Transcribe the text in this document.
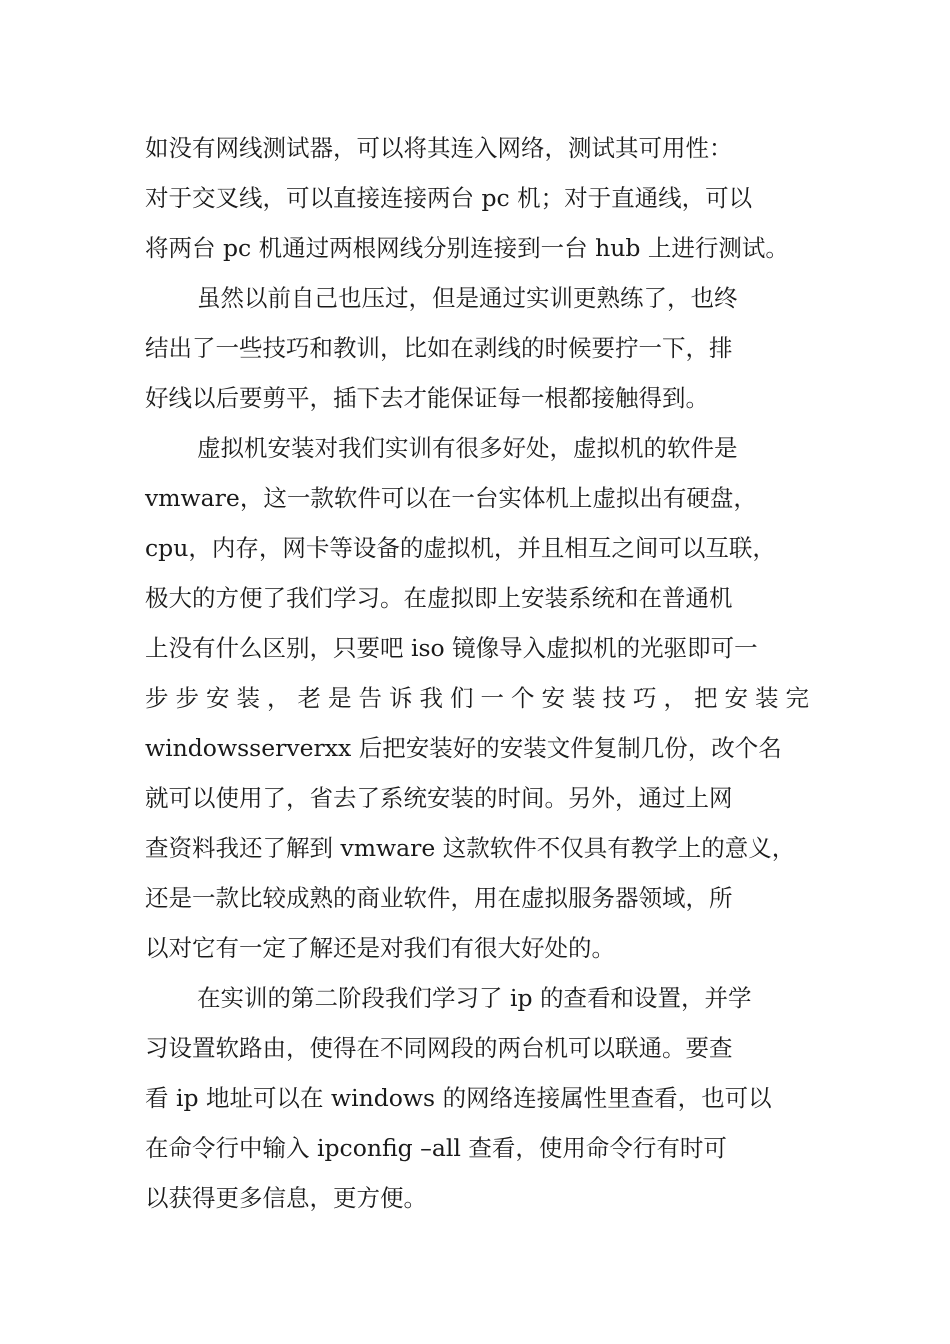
如没有网线测试器，可以将其连入网络，测试其可用性：
对于交叉线，可以直接连接两台 pc 机；对于直通线，可以
将两台 pc 机通过两根网线分别连接到一台 hub 上进行测试。
虽然以前自己也压过，但是通过实训更熟练了，也终
结出了一些技巧和教训，比如在剥线的时候要拧一下，排
好线以后要剪平，插下去才能保证每一根都接触得到。
虚拟机安装对我们实训有很多好处，虚拟机的软件是
vmware，这一款软件可以在一台实体机上虚拟出有硬盘，
cpu，内存，网卡等设备的虚拟机，并且相互之间可以互联，
极大的方便了我们学习。在虚拟即上安装系统和在普通机
上没有什么区别，只要吧 iso 镜像导入虚拟机的光驱即可一
步步安装，老是告诉我们一个安装技巧，把安装完
windowsserverxx 后把安装好的安装文件复制几份，改个名
就可以使用了，省去了系统安装的时间。另外，通过上网
查资料我还了解到 vmware 这款软件不仅具有教学上的意义，
还是一款比较成熟的商业软件，用在虚拟服务器领域，所
以对它有一定了解还是对我们有很大好处的。
在实训的第二阶段我们学习了 ip 的查看和设置，并学
习设置软路由，使得在不同网段的两台机可以联通。要查
看 ip 地址可以在 windows 的网络连接属性里查看，也可以
在命令行中输入 ipconfig –all 查看，使用命令行有时可
以获得更多信息，更方便。
